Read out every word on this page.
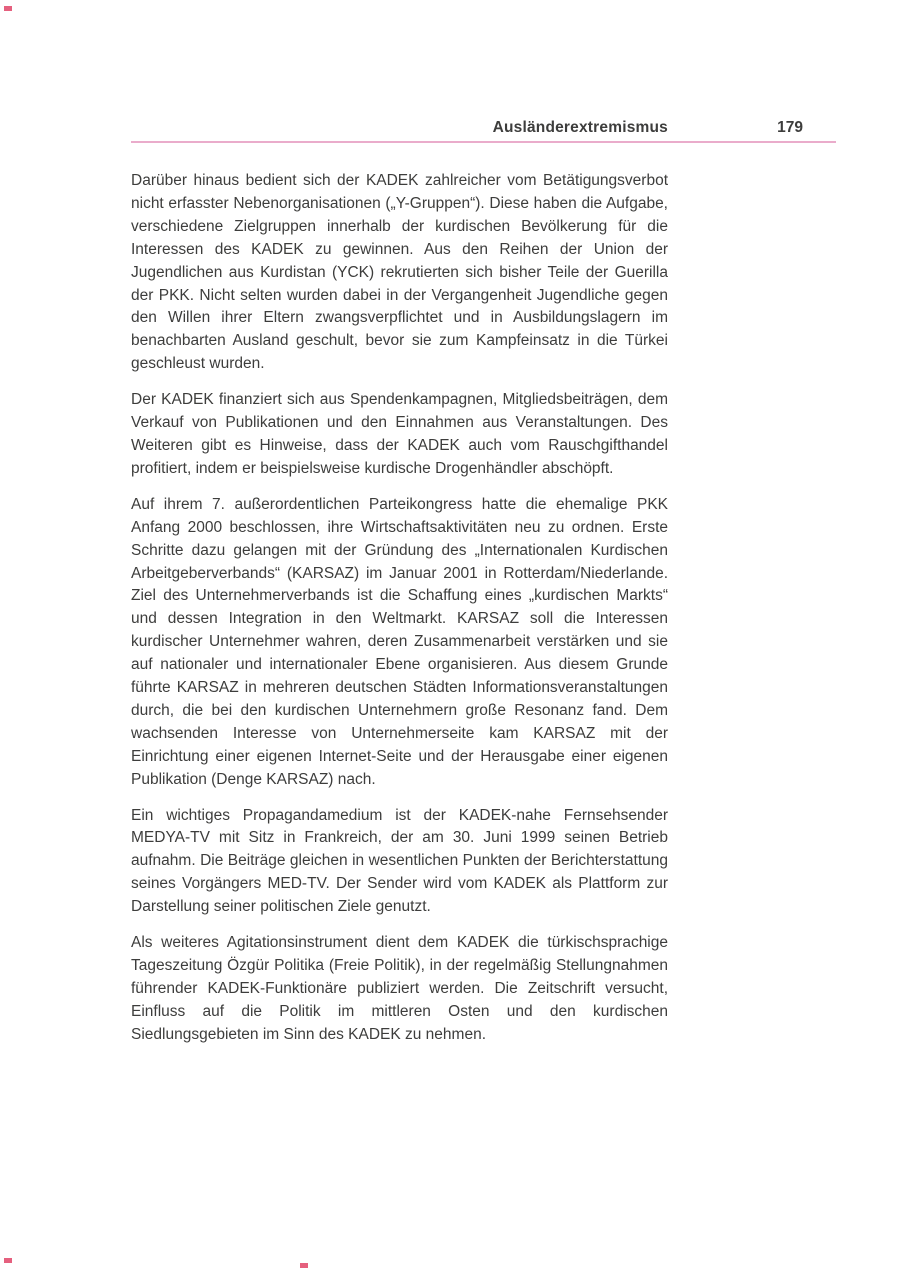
Ausländerextremismus	179

Darüber hinaus bedient sich der KADEK zahlreicher vom Betätigungsverbot nicht erfasster Nebenorganisationen („Y-Gruppen“). Diese haben die Aufgabe, verschiedene Zielgruppen innerhalb der kurdischen Bevölkerung für die Interessen des KADEK zu gewinnen. Aus den Reihen der Union der Jugendlichen aus Kurdistan (YCK) rekrutierten sich bisher Teile der Guerilla der PKK. Nicht selten wurden dabei in der Vergangenheit Jugendliche gegen den Willen ihrer Eltern zwangsverpflichtet und in Ausbildungslagern im benachbarten Ausland geschult, bevor sie zum Kampfeinsatz in die Türkei geschleust wurden.

Der KADEK finanziert sich aus Spendenkampagnen, Mitgliedsbeiträgen, dem Verkauf von Publikationen und den Einnahmen aus Veranstaltungen. Des Weiteren gibt es Hinweise, dass der KADEK auch vom Rauschgifthandel profitiert, indem er beispielsweise kurdische Drogenhändler abschöpft.

Auf ihrem 7. außerordentlichen Parteikongress hatte die ehemalige PKK Anfang 2000 beschlossen, ihre Wirtschaftsaktivitäten neu zu ordnen. Erste Schritte dazu gelangen mit der Gründung des „Internationalen Kurdischen Arbeitgeberverbands“ (KARSAZ) im Januar 2001 in Rotterdam/Niederlande. Ziel des Unternehmerverbands ist die Schaffung eines „kurdischen Markts“ und dessen Integration in den Weltmarkt. KARSAZ soll die Interessen kurdischer Unternehmer wahren, deren Zusammenarbeit verstärken und sie auf nationaler und internationaler Ebene organisieren. Aus diesem Grunde führte KARSAZ in mehreren deutschen Städten Informationsveranstaltungen durch, die bei den kurdischen Unternehmern große Resonanz fand. Dem wachsenden Interesse von Unternehmerseite kam KARSAZ mit der Einrichtung einer eigenen Internet-Seite und der Herausgabe einer eigenen Publikation (Denge KARSAZ) nach.

Ein wichtiges Propagandamedium ist der KADEK-nahe Fernsehsender MEDYA-TV mit Sitz in Frankreich, der am 30. Juni 1999 seinen Betrieb aufnahm. Die Beiträge gleichen in wesentlichen Punkten der Berichterstattung seines Vorgängers MED-TV. Der Sender wird vom KADEK als Plattform zur Darstellung seiner politischen Ziele genutzt.

Als weiteres Agitationsinstrument dient dem KADEK die türkischsprachige Tageszeitung Özgür Politika (Freie Politik), in der regelmäßig Stellungnahmen führender KADEK-Funktionäre publiziert werden. Die Zeitschrift versucht, Einfluss auf die Politik im mittleren Osten und den kurdischen Siedlungsgebieten im Sinn des KADEK zu nehmen.
